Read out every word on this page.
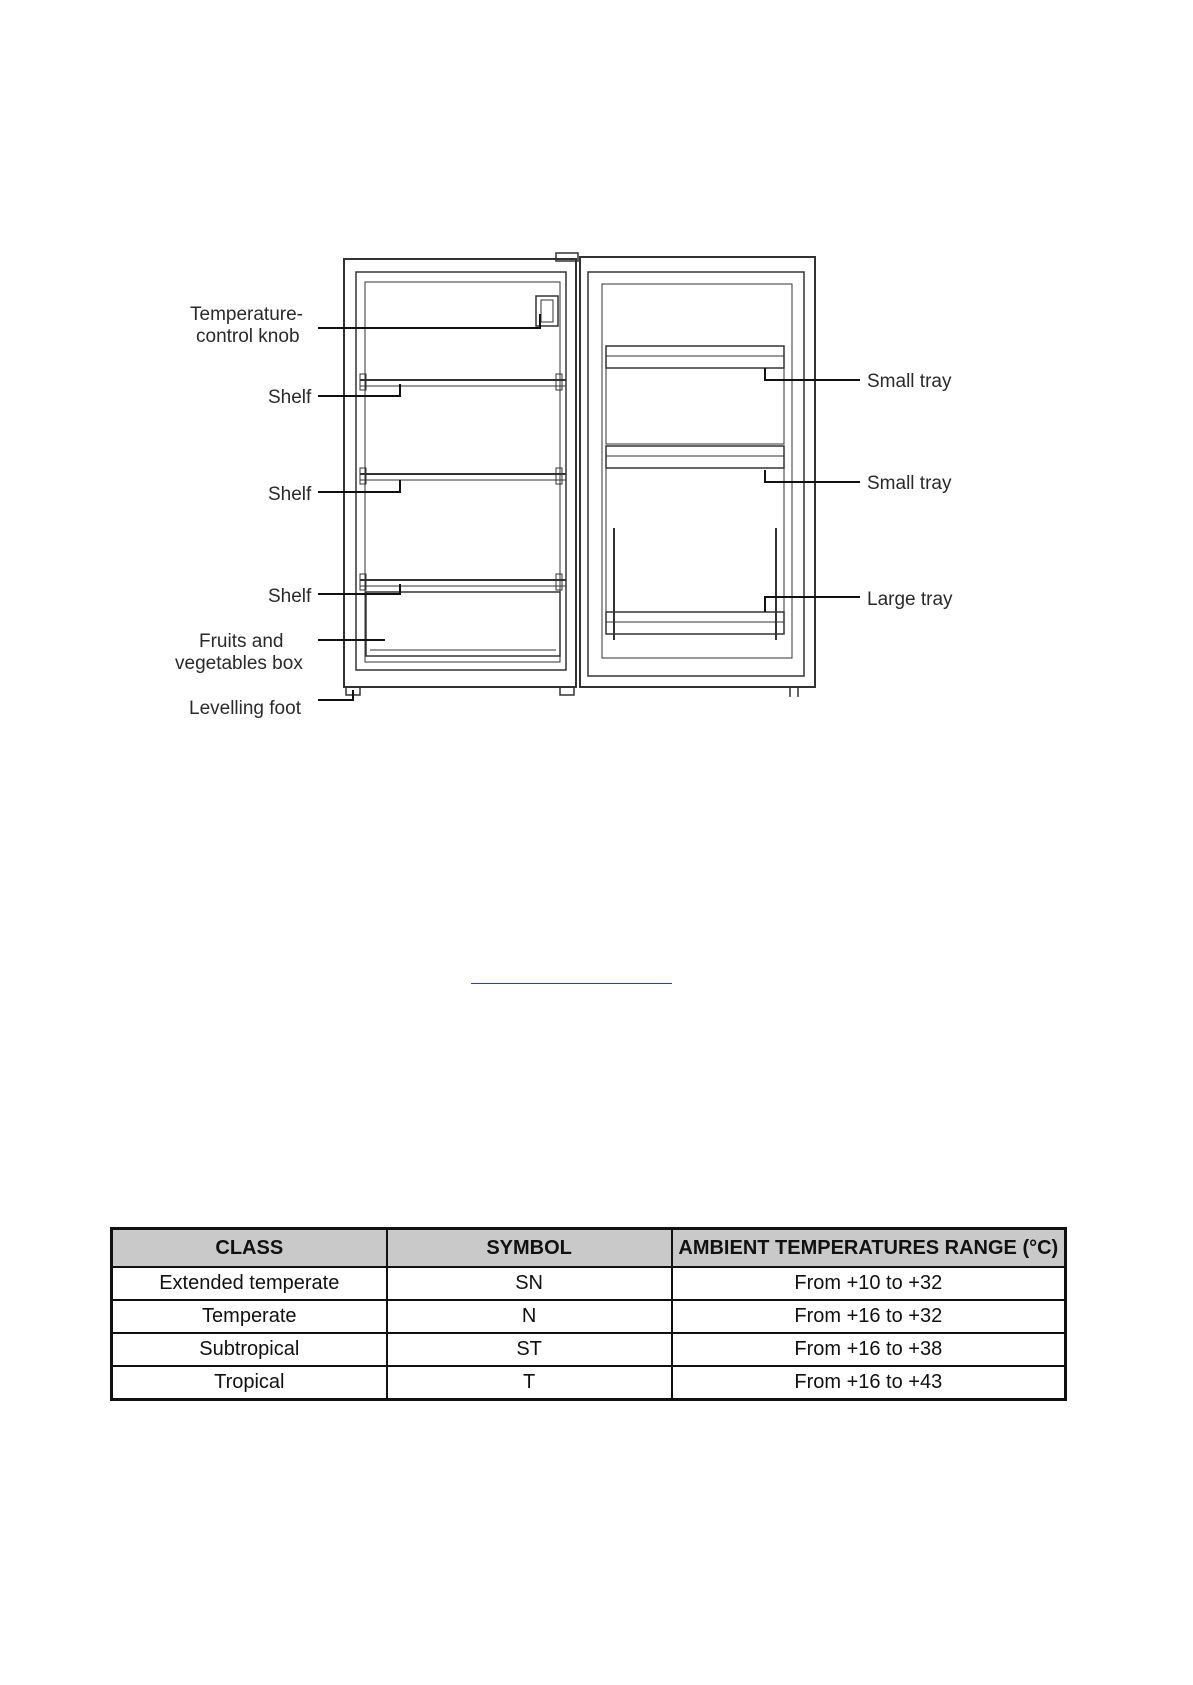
Temperature-
control knob
Shelf
Shelf
Shelf
Fruits and
vegetables box
Levelling foot
Small tray
Small tray
Large tray
CLASS	SYMBOL	AMBIENT TEMPERATURES RANGE (°C)
Extended temperate	SN	From +10 to +32
Temperate	N	From +16 to +32
Subtropical	ST	From +16 to +38
Tropical	T	From +16 to +43
